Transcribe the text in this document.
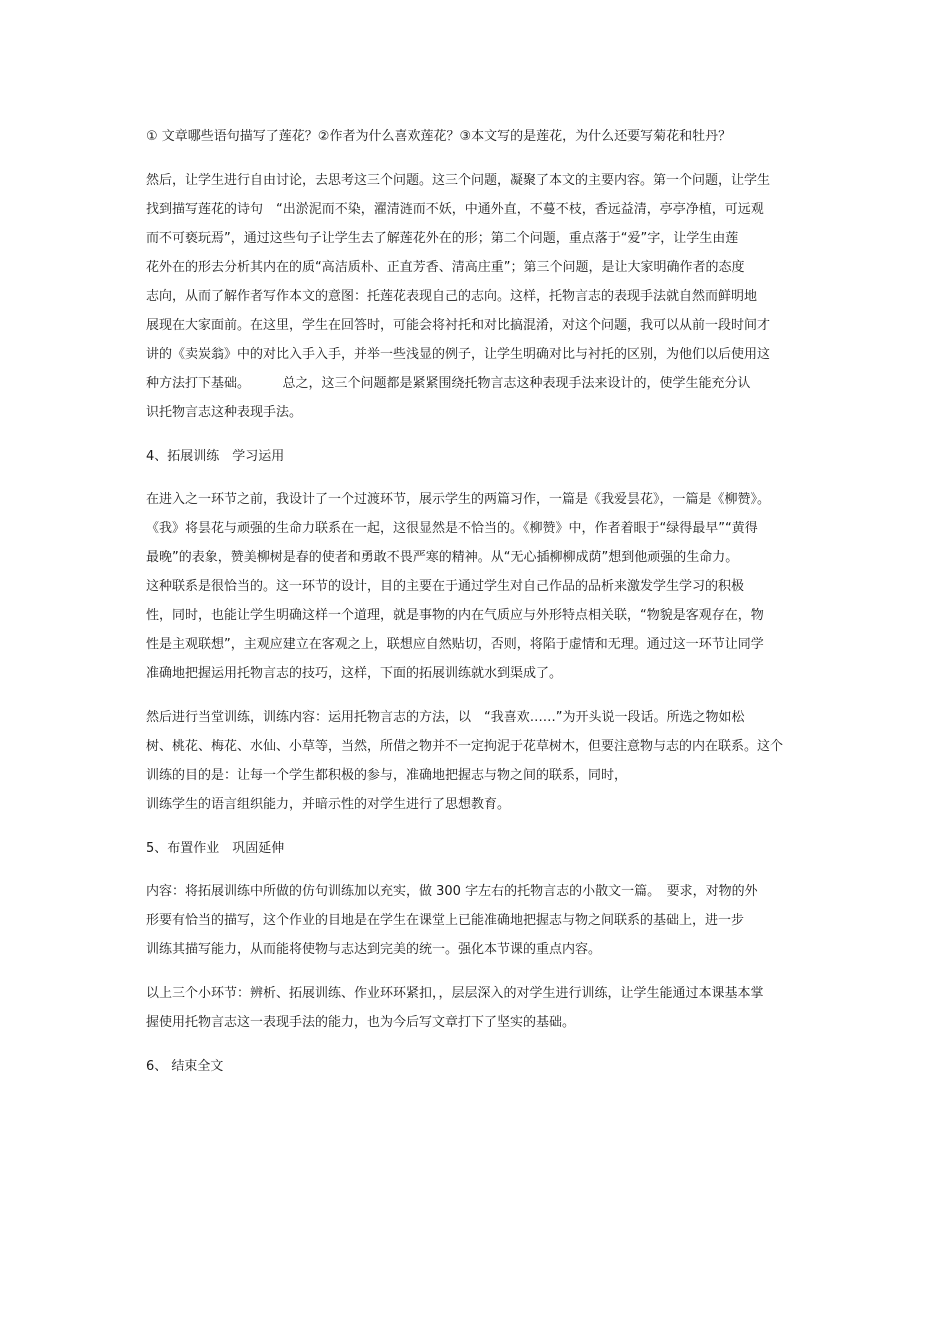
① 文章哪些语句描写了莲花？②作者为什么喜欢莲花？③本文写的是莲花，为什么还要写菊花和牡丹？
然后，让学生进行自由讨论，去思考这三个问题。这三个问题，凝聚了本文的主要内容。第一个问题，让学生
找到描写莲花的诗句　“出淤泥而不染，濯清涟而不妖，中通外直，不蔓不枝，香远益清，亭亭净植，可远观
而不可亵玩焉”，通过这些句子让学生去了解莲花外在的形；第二个问题，重点落于“爱”字，让学生由莲
花外在的形去分析其内在的质“高洁质朴、正直芳香、清高庄重”；第三个问题，是让大家明确作者的态度
志向，从而了解作者写作本文的意图：托莲花表现自己的志向。这样，托物言志的表现手法就自然而鲜明地
展现在大家面前。在这里，学生在回答时，可能会将衬托和对比搞混淆，对这个问题，我可以从前一段时间才
讲的《卖炭翁》中的对比入手入手，并举一些浅显的例子，让学生明确对比与衬托的区别，为他们以后使用这
种方法打下基础。　　　总之，这三个问题都是紧紧围绕托物言志这种表现手法来设计的，使学生能充分认
识托物言志这种表现手法。
4、拓展训练　学习运用
在进入之一环节之前，我设计了一个过渡环节，展示学生的两篇习作，一篇是《我爱昙花》，一篇是《柳赞》。
《我》将昙花与顽强的生命力联系在一起，这很显然是不恰当的。《柳赞》中，作者着眼于“绿得最早”“黄得
最晚”的表象，赞美柳树是春的使者和勇敢不畏严寒的精神。从“无心插柳柳成荫”想到他顽强的生命力。
这种联系是很恰当的。这一环节的设计，目的主要在于通过学生对自己作品的品析来激发学生学习的积极
性，同时，也能让学生明确这样一个道理，就是事物的内在气质应与外形特点相关联，“物貌是客观存在，物
性是主观联想”，主观应建立在客观之上，联想应自然贴切，否则，将陷于虚情和无理。通过这一环节让同学
准确地把握运用托物言志的技巧，这样，下面的拓展训练就水到渠成了。
然后进行当堂训练，训练内容：运用托物言志的方法，以　“我喜欢……”为开头说一段话。所选之物如松
树、桃花、梅花、水仙、小草等，当然，所借之物并不一定拘泥于花草树木，但要注意物与志的内在联系。这个
训练的目的是：让每一个学生都积极的参与，准确地把握志与物之间的联系，同时，
训练学生的语言组织能力，并暗示性的对学生进行了思想教育。
5、布置作业　巩固延伸
内容：将拓展训练中所做的仿句训练加以充实，做 300 字左右的托物言志的小散文一篇。　要求，对物的外
形要有恰当的描写，这个作业的目地是在学生在课堂上已能准确地把握志与物之间联系的基础上，进一步
训练其描写能力，从而能将使物与志达到完美的统一。强化本节课的重点内容。
以上三个小环节：辨析、拓展训练、作业环环紧扣，，层层深入的对学生进行训练，让学生能通过本课基本掌
握使用托物言志这一表现手法的能力，也为今后写文章打下了坚实的基础。
6、 结束全文
